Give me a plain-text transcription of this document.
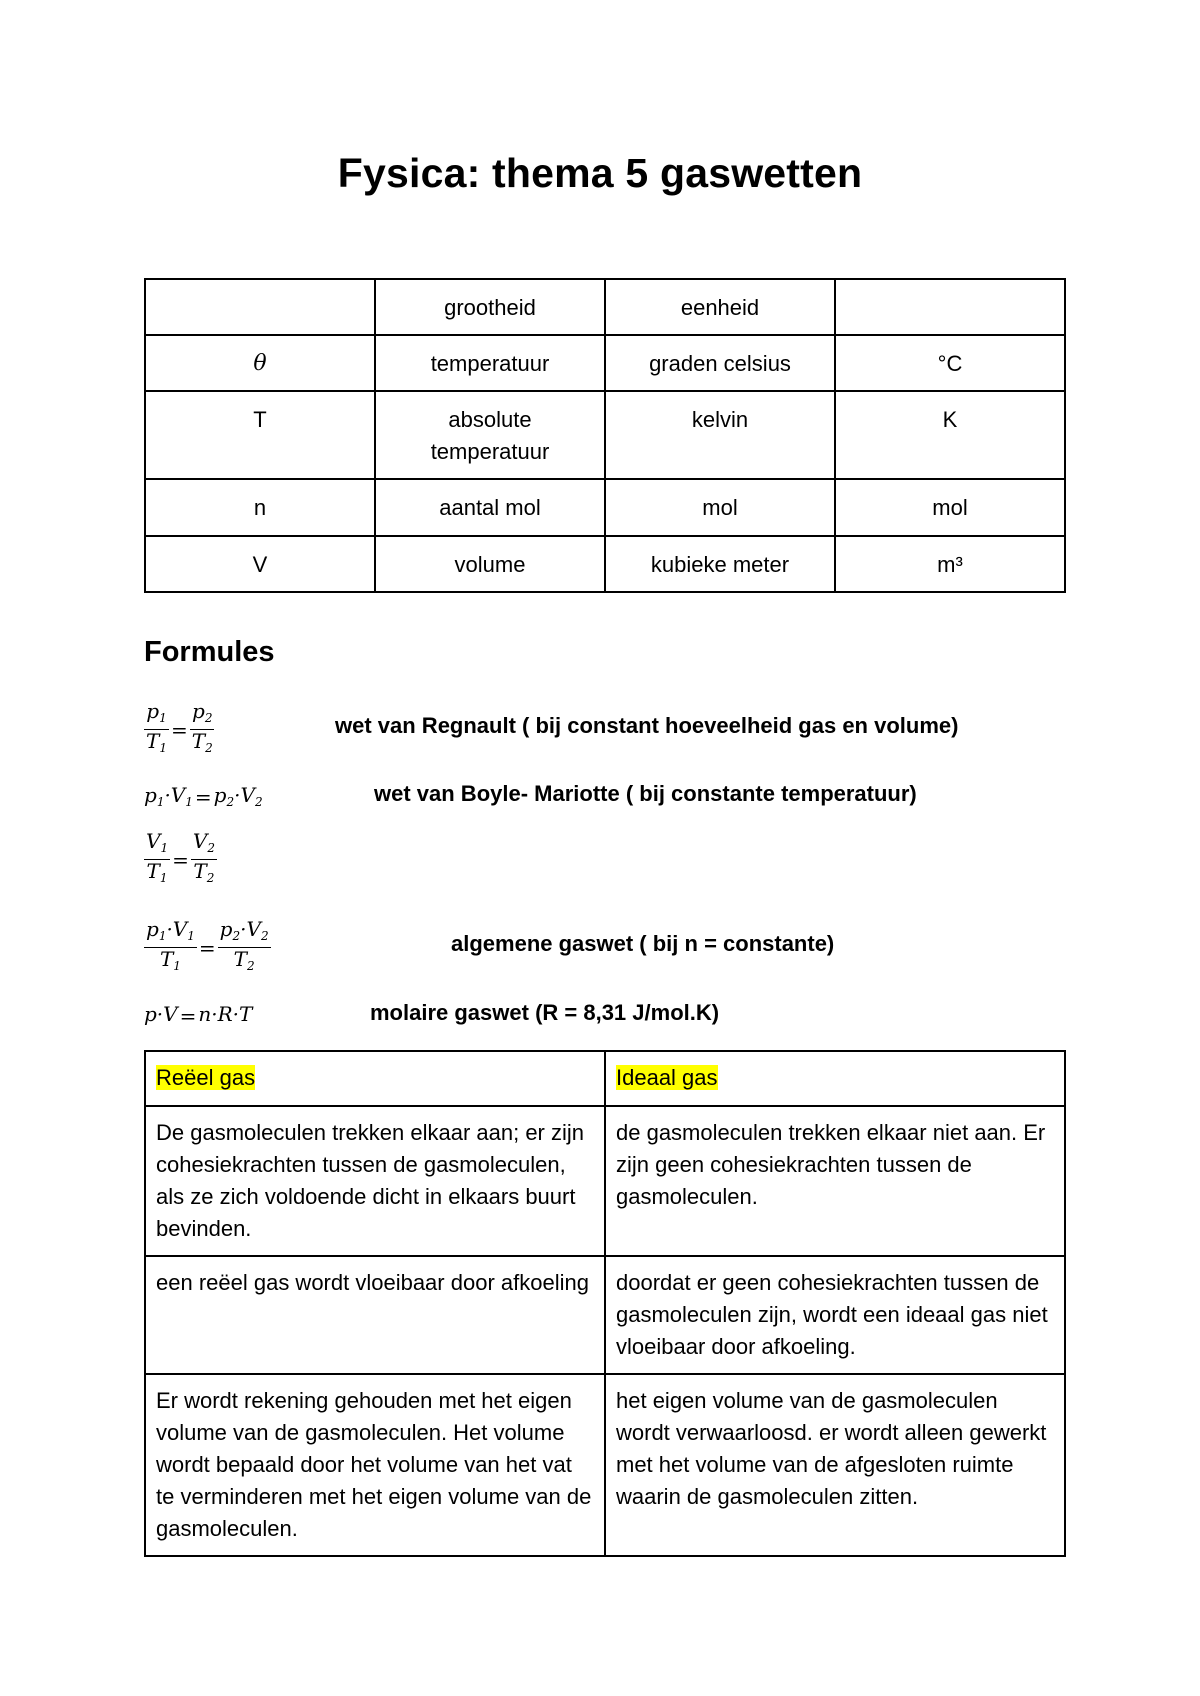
Fysica: thema 5 gaswetten
	grootheid	eenheid	
θ	temperatuur	graden celsius	°C
T	absolute temperatuur	kelvin	K
n	aantal mol	mol	mol
V	volume	kubieke meter	m³
Formules
$\frac{p_1}{T_1} = \frac{p_2}{T_2}$	wet van Regnault ( bij constant hoeveelheid gas en volume)
$p_1\cdot V_1 = p_2\cdot V_2$	wet van Boyle- Mariotte ( bij constante temperatuur)
$\frac{V_1}{T_1} = \frac{V_2}{T_2}$
$\frac{p_1\cdot V_1}{T_1} = \frac{p_2\cdot V_2}{T_2}$	algemene gaswet ( bij n = constante)
p·V = n·R·T	molaire gaswet (R = 8,31 J/mol.K)
Reëel gas	Ideaal gas
De gasmoleculen trekken elkaar aan; er zijn cohesiekrachten tussen de gasmoleculen, als ze zich voldoende dicht in elkaars buurt bevinden.	de gasmoleculen trekken elkaar niet aan. Er zijn geen cohesiekrachten tussen de gasmoleculen.
een reëel gas wordt vloeibaar door afkoeling	doordat er geen cohesiekrachten tussen de gasmoleculen zijn, wordt een ideaal gas niet vloeibaar door afkoeling.
Er wordt rekening gehouden met het eigen volume van de gasmoleculen. Het volume wordt bepaald door het volume van het vat te verminderen met het eigen volume van de gasmoleculen.	het eigen volume van de gasmoleculen wordt verwaarloosd. er wordt alleen gewerkt met het volume van de afgesloten ruimte waarin de gasmoleculen zitten.
